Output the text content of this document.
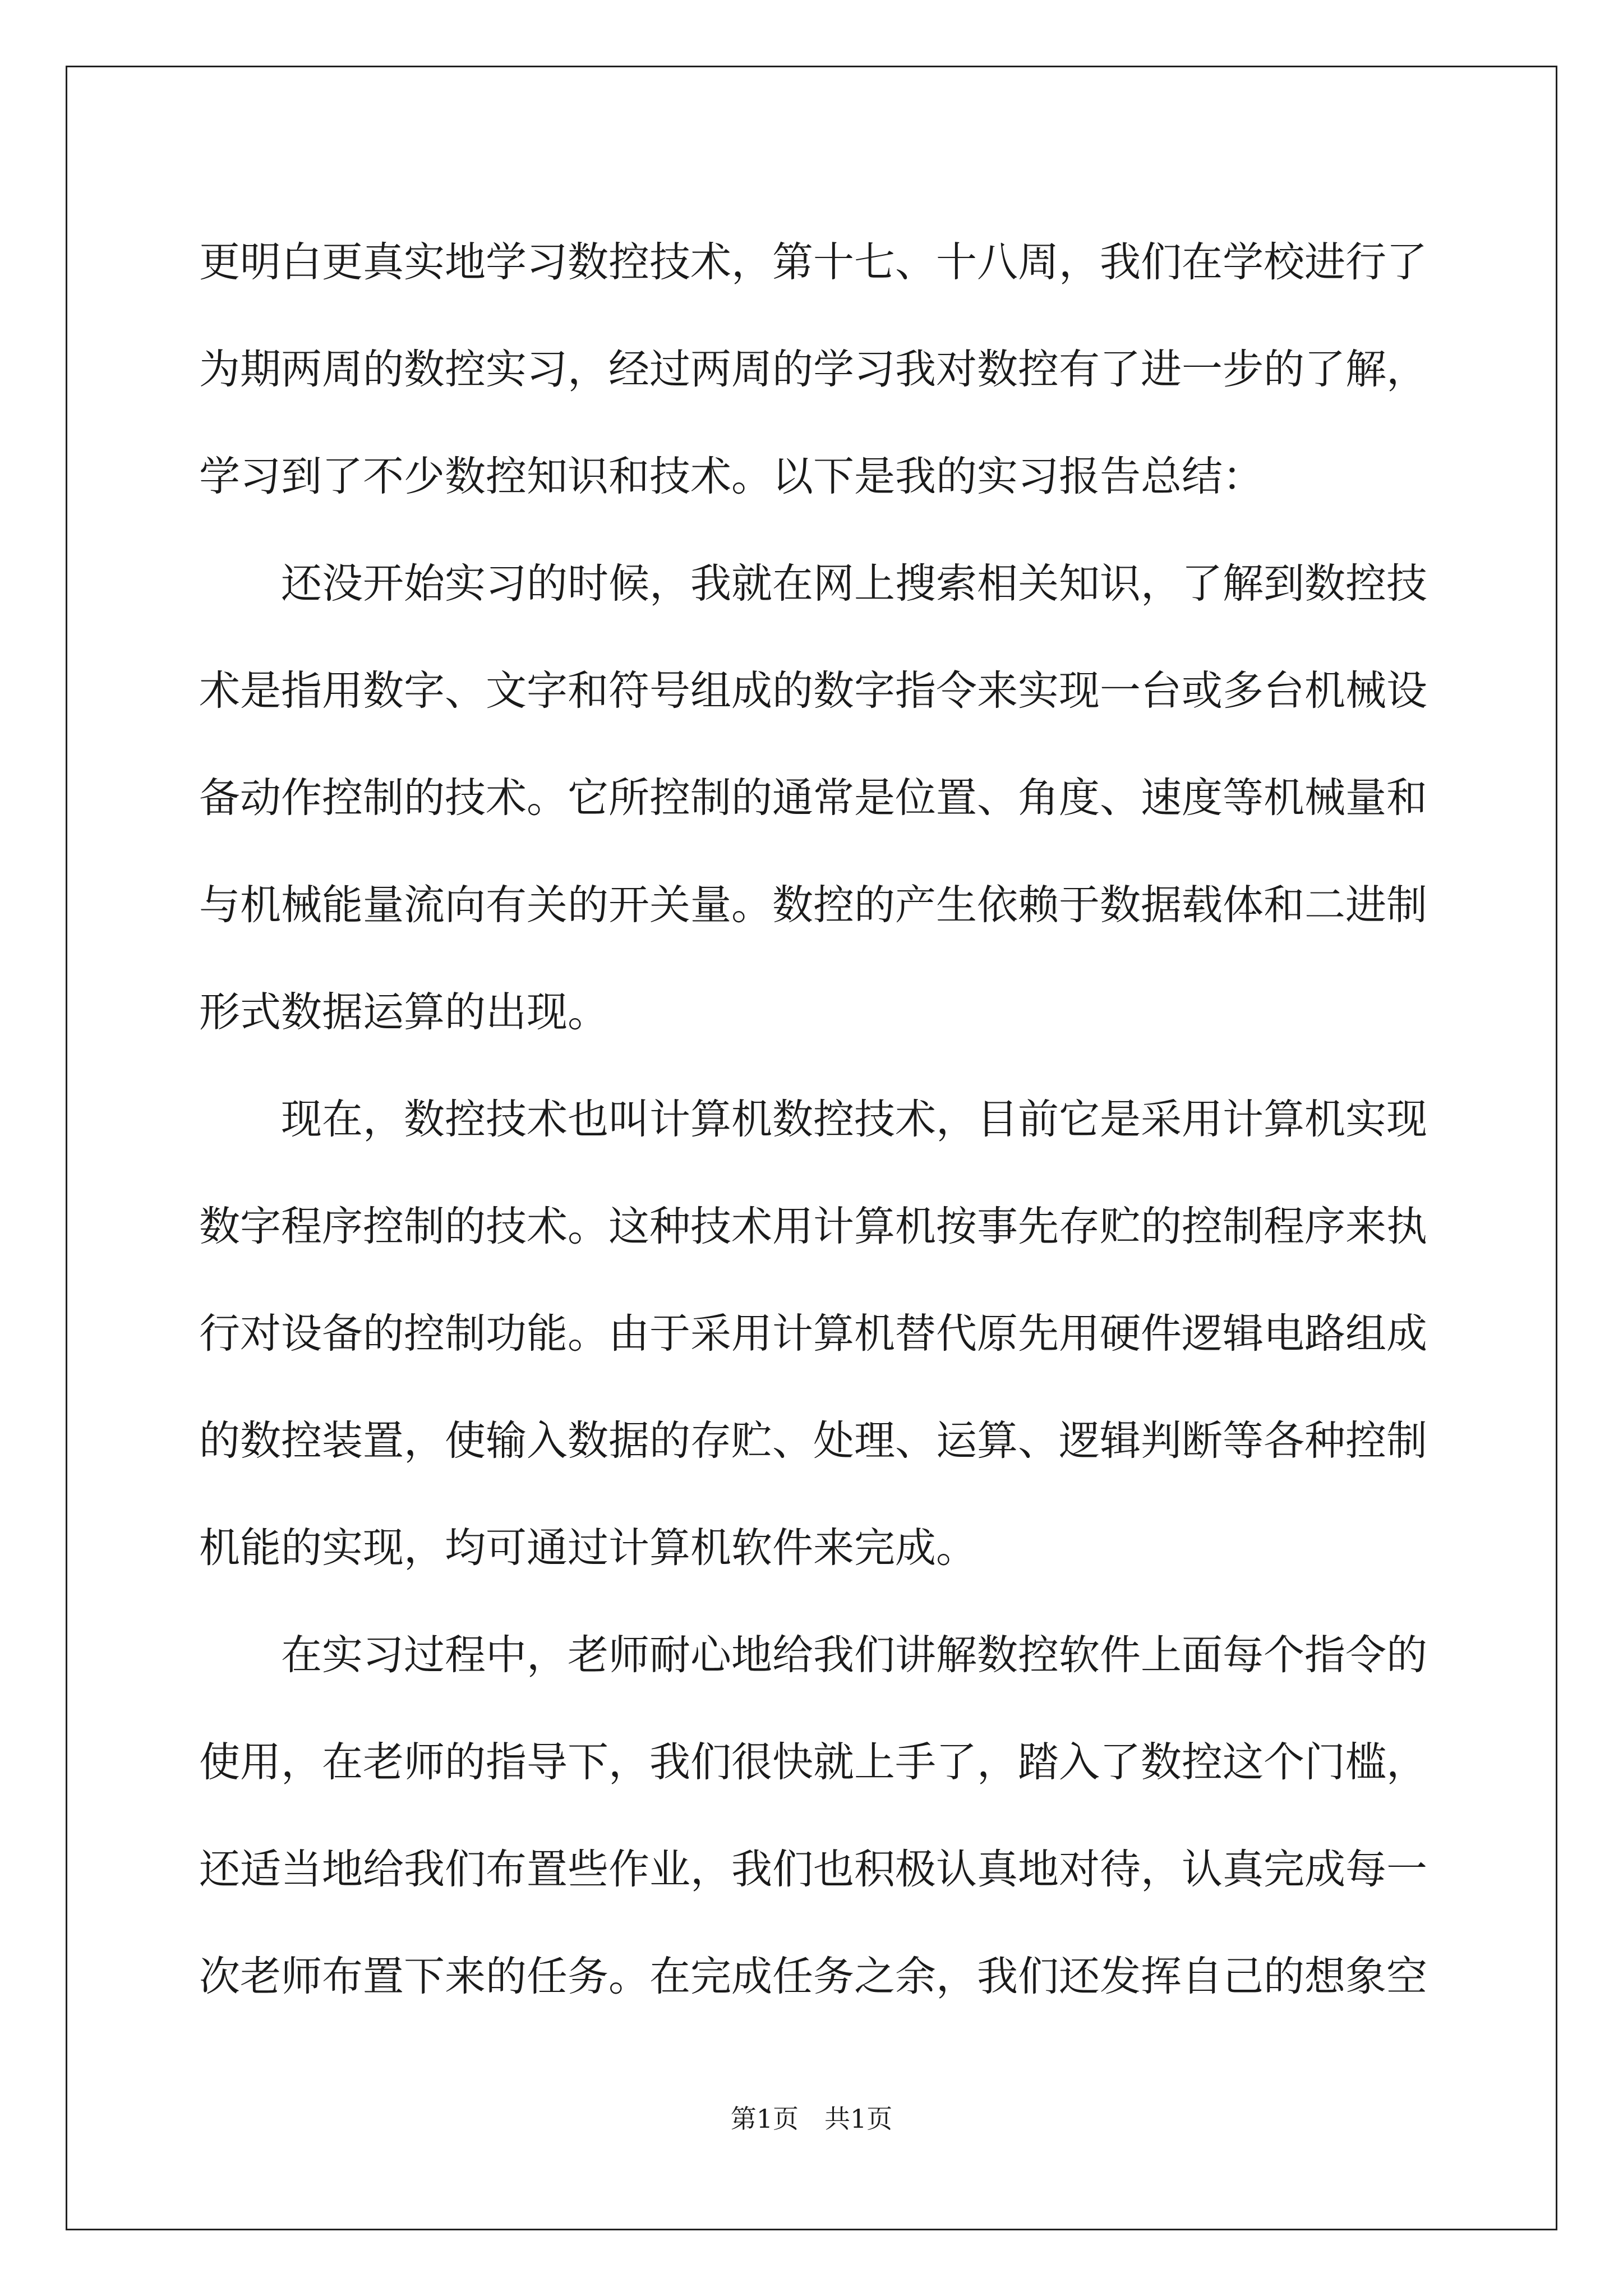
更明白更真实地学习数控技术，第十七、十八周，我们在学校进行了
为期两周的数控实习，经过两周的学习我对数控有了进一步的了解，
学习到了不少数控知识和技术。以下是我的实习报告总结：
还没开始实习的时候，我就在网上搜索相关知识，了解到数控技
术是指用数字、文字和符号组成的数字指令来实现一台或多台机械设
备动作控制的技术。它所控制的通常是位置、角度、速度等机械量和
与机械能量流向有关的开关量。数控的产生依赖于数据载体和二进制
形式数据运算的出现。
现在，数控技术也叫计算机数控技术，目前它是采用计算机实现
数字程序控制的技术。这种技术用计算机按事先存贮的控制程序来执
行对设备的控制功能。由于采用计算机替代原先用硬件逻辑电路组成
的数控装置，使输入数据的存贮、处理、运算、逻辑判断等各种控制
机能的实现，均可通过计算机软件来完成。
在实习过程中，老师耐心地给我们讲解数控软件上面每个指令的
使用，在老师的指导下，我们很快就上手了，踏入了数控这个门槛，
还适当地给我们布置些作业，我们也积极认真地对待，认真完成每一
次老师布置下来的任务。在完成任务之余，我们还发挥自己的想象空
第1页 共1页
